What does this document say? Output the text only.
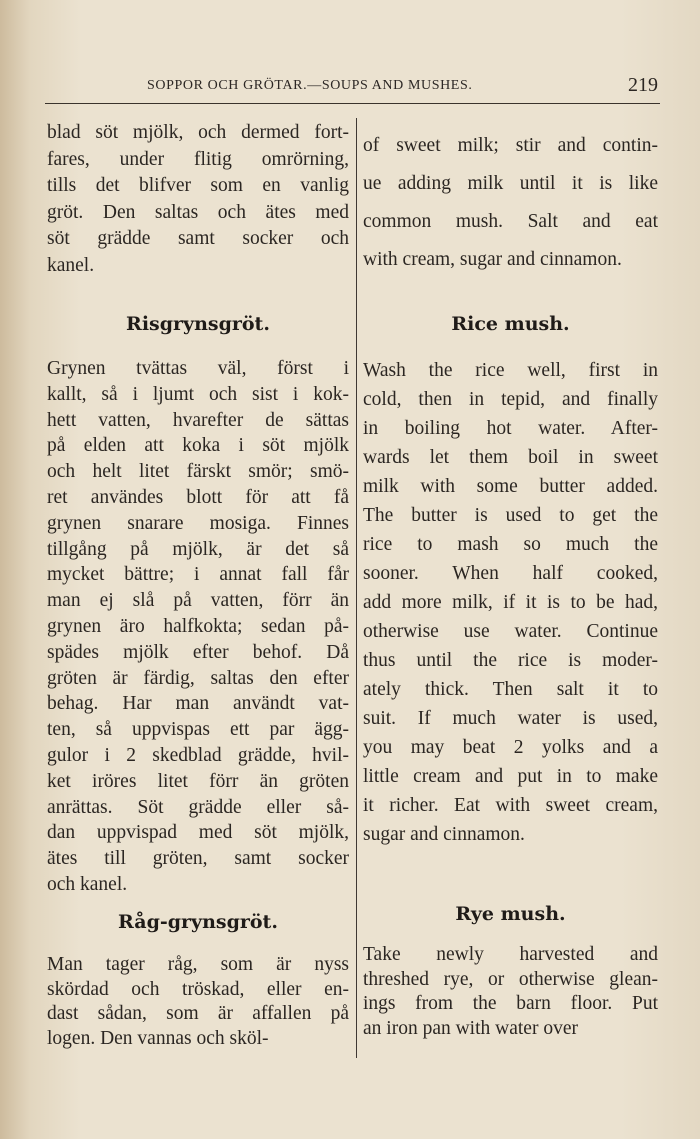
SOPPOR OCH GRÖTAR.—SOUPS AND MUSHES.	219
blad söt mjölk, och dermed fort-
fares, under flitig omrörning,
tills det blifver som en vanlig
gröt. Den saltas och ätes med
söt grädde samt socker och
kanel.
Risgrynsgröt.
Grynen tvättas väl, först i
kallt, så i ljumt och sist i kok-
hett vatten, hvarefter de sättas
på elden att koka i söt mjölk
och helt litet färskt smör; smö-
ret användes blott för att få
grynen snarare mosiga. Finnes
tillgång på mjölk, är det så
mycket bättre; i annat fall får
man ej slå på vatten, förr än
grynen äro halfkokta; sedan på-
spädes mjölk efter behof. Då
gröten är färdig, saltas den efter
behag. Har man användt vat-
ten, så uppvispas ett par ägg-
gulor i 2 skedblad grädde, hvil-
ket iröres litet förr än gröten
anrättas. Söt grädde eller så-
dan uppvispad med söt mjölk,
ätes till gröten, samt socker
och kanel.
Råg-grynsgröt.
Man tager råg, som är nyss
skördad och tröskad, eller en-
dast sådan, som är affallen på
logen. Den vannas och sköl-
of sweet milk; stir and contin-
ue adding milk until it is like
common mush. Salt and eat
with cream, sugar and cinnamon.
Rice mush.
Wash the rice well, first in
cold, then in tepid, and finally
in boiling hot water. After-
wards let them boil in sweet
milk with some butter added.
The butter is used to get the
rice to mash so much the
sooner. When half cooked,
add more milk, if it is to be had,
otherwise use water. Continue
thus until the rice is moder-
ately thick. Then salt it to
suit. If much water is used,
you may beat 2 yolks and a
little cream and put in to make
it richer. Eat with sweet cream,
sugar and cinnamon.
Rye mush.
Take newly harvested and
threshed rye, or otherwise glean-
ings from the barn floor. Put
an iron pan with water over
